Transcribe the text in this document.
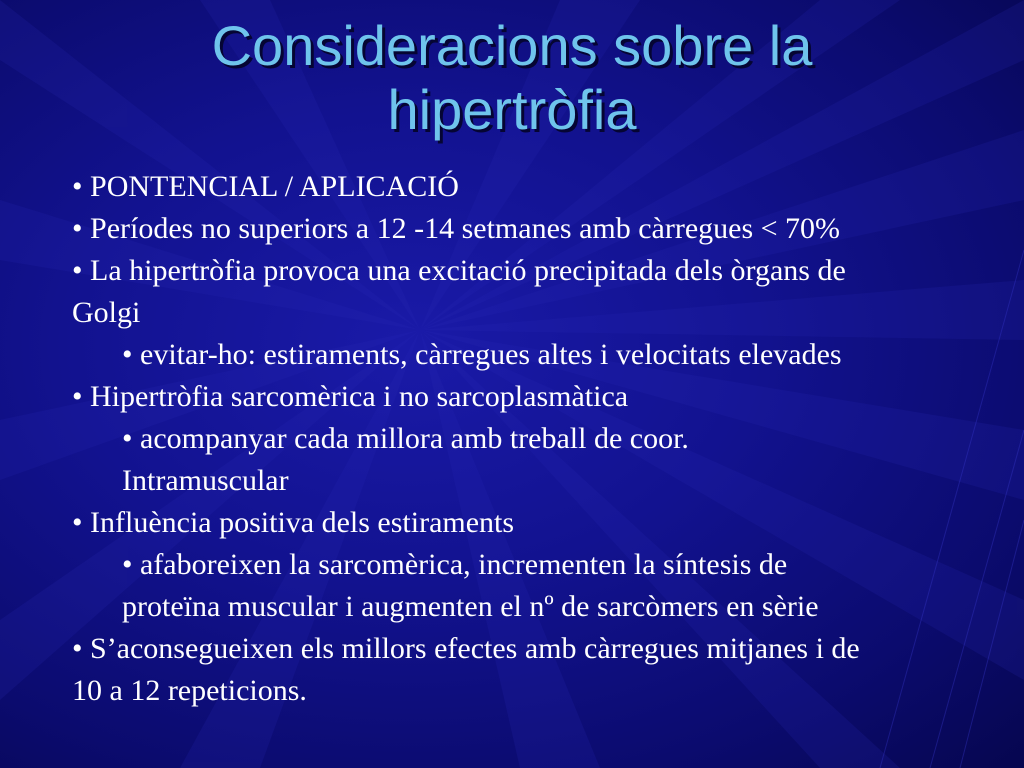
Consideracions sobre la
hipertròfia
• PONTENCIAL / APLICACIÓ
• Períodes no superiors a 12 -14 setmanes amb càrregues < 70%
• La hipertròfia provoca una excitació precipitada dels òrgans de
Golgi
• evitar-ho: estiraments, càrregues altes i velocitats elevades
• Hipertròfia sarcomèrica i no sarcoplasmàtica
• acompanyar cada millora amb treball de coor.
Intramuscular
• Influència positiva dels estiraments
• afaboreixen la sarcomèrica, incrementen la síntesis de
proteïna muscular i augmenten el nº de sarcòmers en sèrie
• S’aconsegueixen els millors efectes amb càrregues mitjanes i de
10 a 12 repeticions.
